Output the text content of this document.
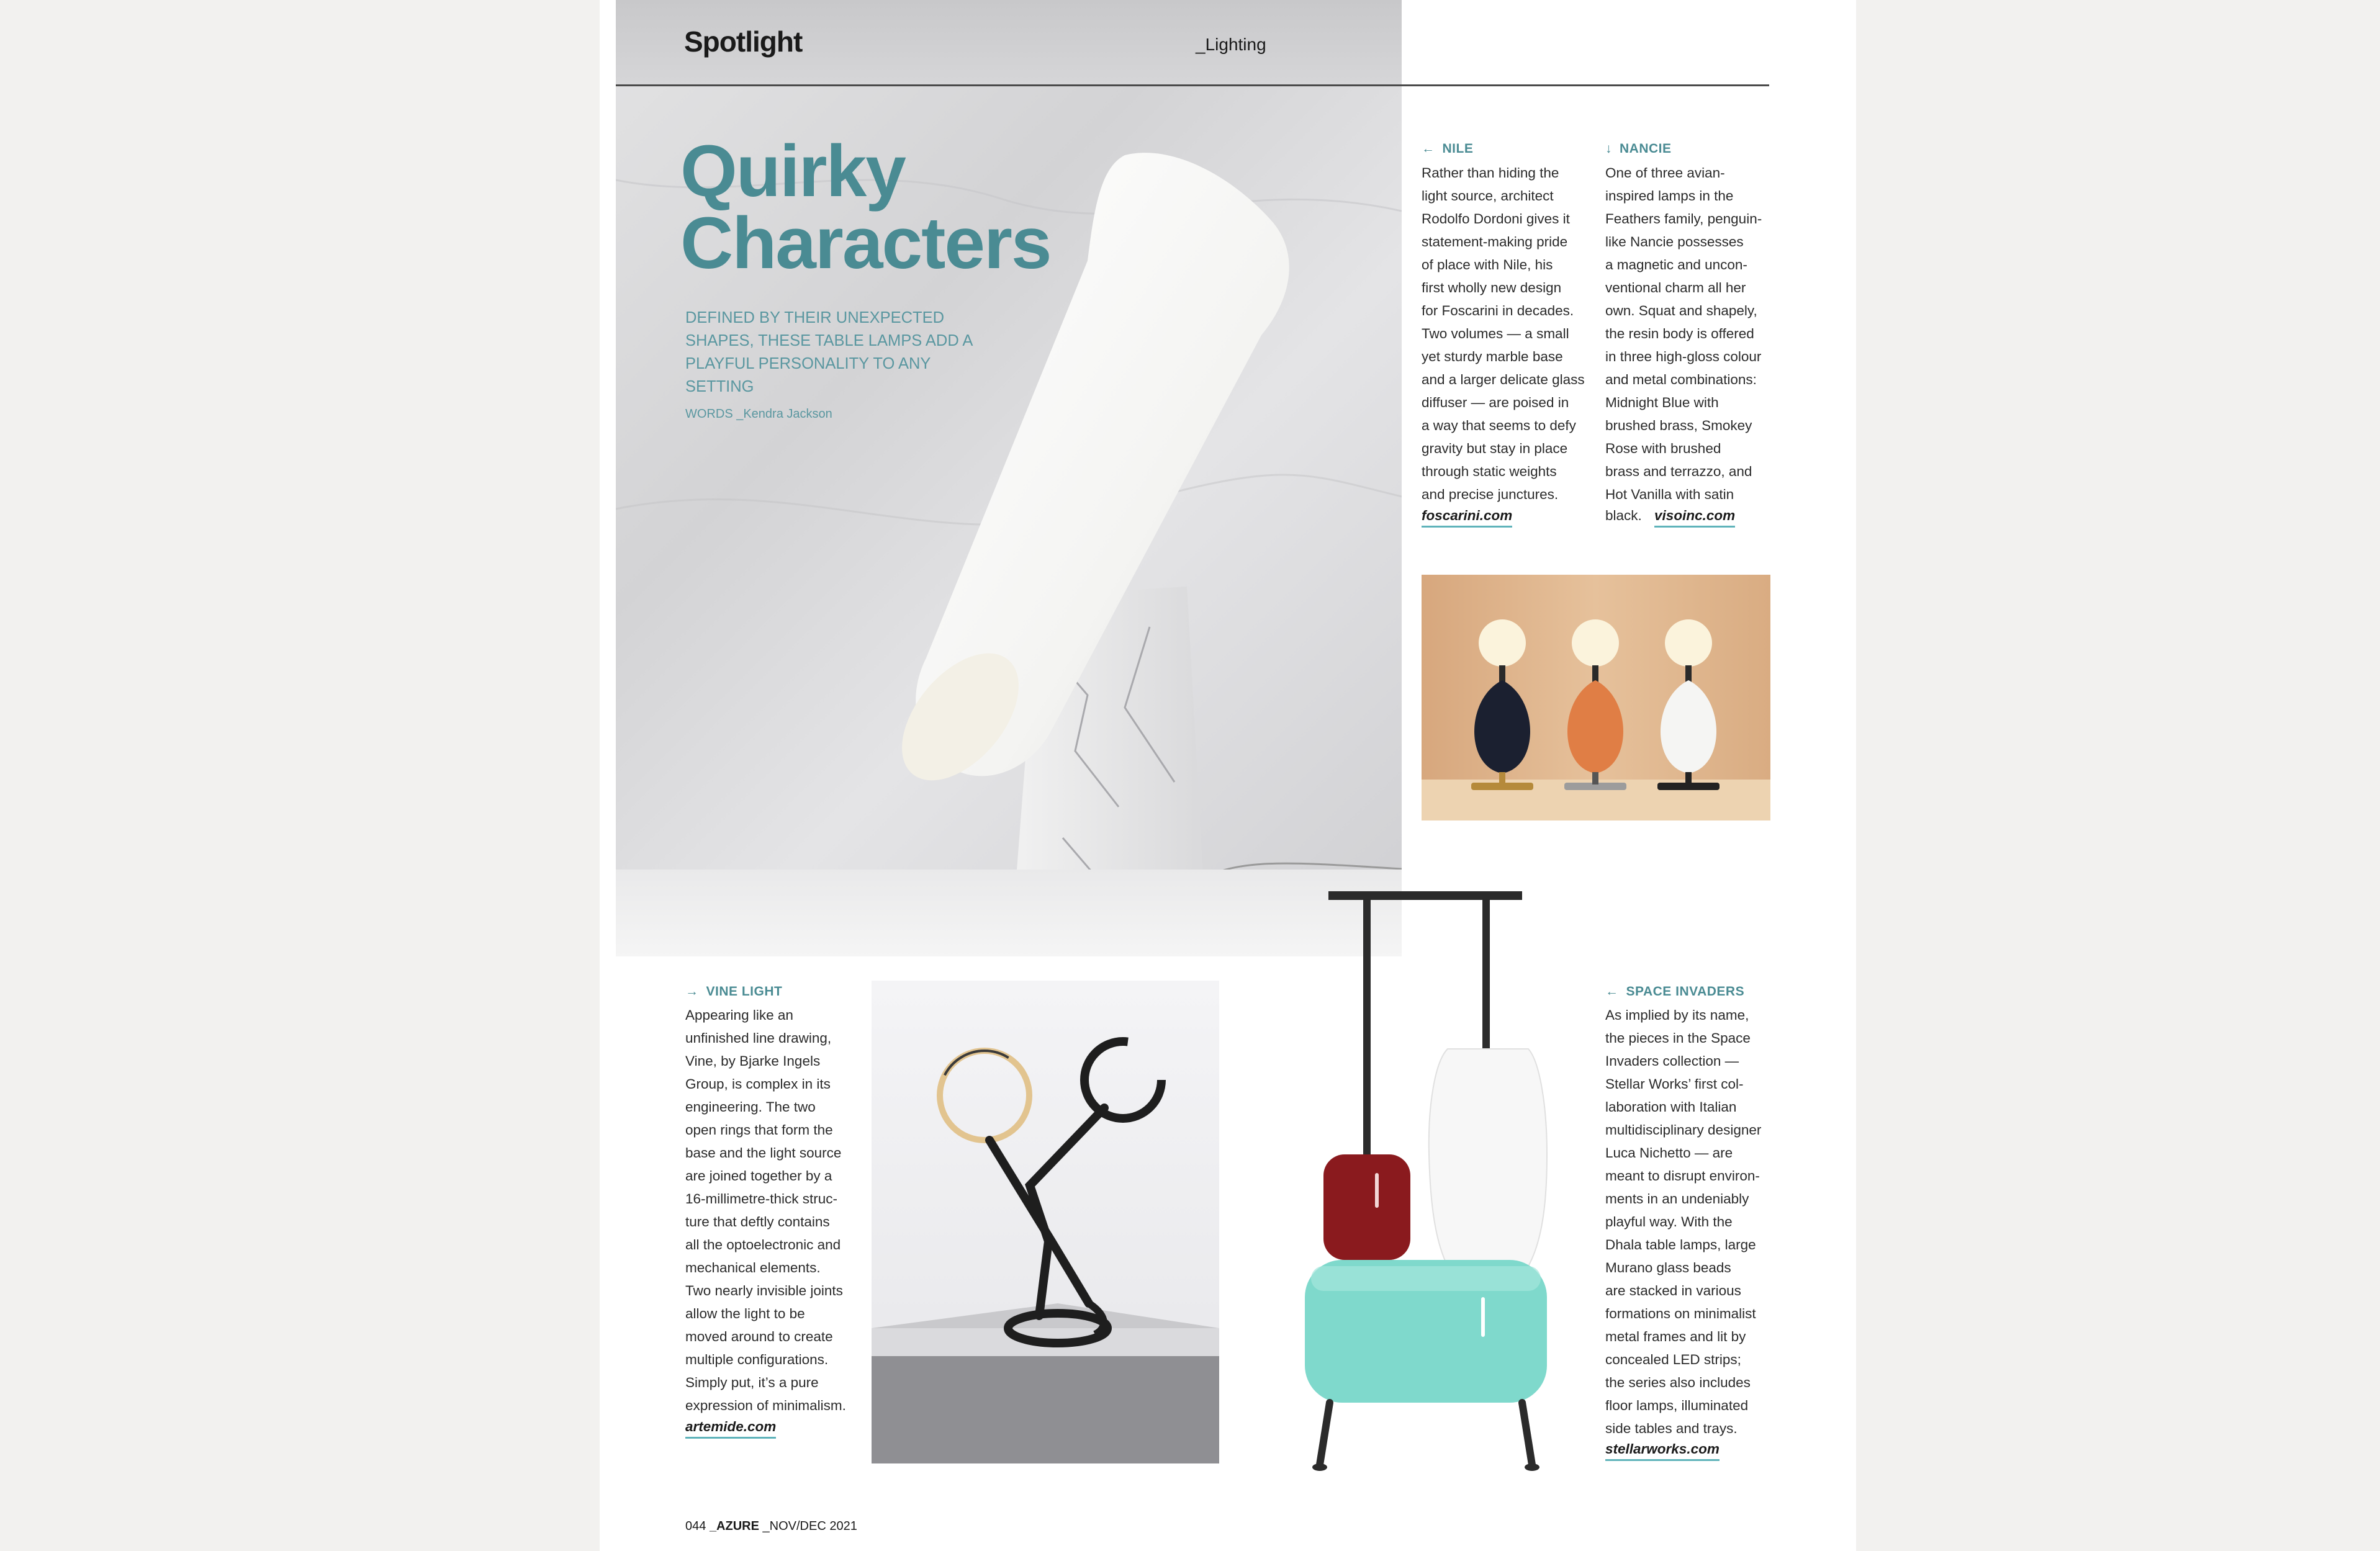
Spotlight	_Lighting
Quirky
Characters
DEFINED BY THEIR UNEXPECTED SHAPES, THESE TABLE LAMPS ADD A PLAYFUL PERSONALITY TO ANY SETTING
WORDS _Kendra Jackson
← NILE
Rather than hiding the
light source, architect
Rodolfo Dordoni gives it
statement-making pride
of place with Nile, his
first wholly new design
for Foscarini in decades.
Two volumes — a small
yet sturdy marble base
and a larger delicate glass
diffuser — are poised in
a way that seems to defy
gravity but stay in place
through static weights
and precise junctures.
foscarini.com
↓ NANCIE
One of three avian-
inspired lamps in the
Feathers family, penguin-
like Nancie possesses
a magnetic and uncon-
ventional charm all her
own. Squat and shapely,
the resin body is offered
in three high-gloss colour
and metal combinations:
Midnight Blue with
brushed brass, Smokey
Rose with brushed
brass and terrazzo, and
Hot Vanilla with satin
black. visoinc.com
→ VINE LIGHT
Appearing like an
unfinished line drawing,
Vine, by Bjarke Ingels
Group, is complex in its
engineering. The two
open rings that form the
base and the light source
are joined together by a
16-millimetre-thick struc-
ture that deftly contains
all the optoelectronic and
mechanical elements.
Two nearly invisible joints
allow the light to be
moved around to create
multiple configurations.
Simply put, it’s a pure
expression of minimalism.
artemide.com
← SPACE INVADERS
As implied by its name,
the pieces in the Space
Invaders collection —
Stellar Works’ first col-
laboration with Italian
multidisciplinary designer
Luca Nichetto — are
meant to disrupt environ-
ments in an undeniably
playful way. With the
Dhala table lamps, large
Murano glass beads
are stacked in various
formations on minimalist
metal frames and lit by
concealed LED strips;
the series also includes
floor lamps, illuminated
side tables and trays.
stellarworks.com
044 _AZURE _NOV/DEC 2021
